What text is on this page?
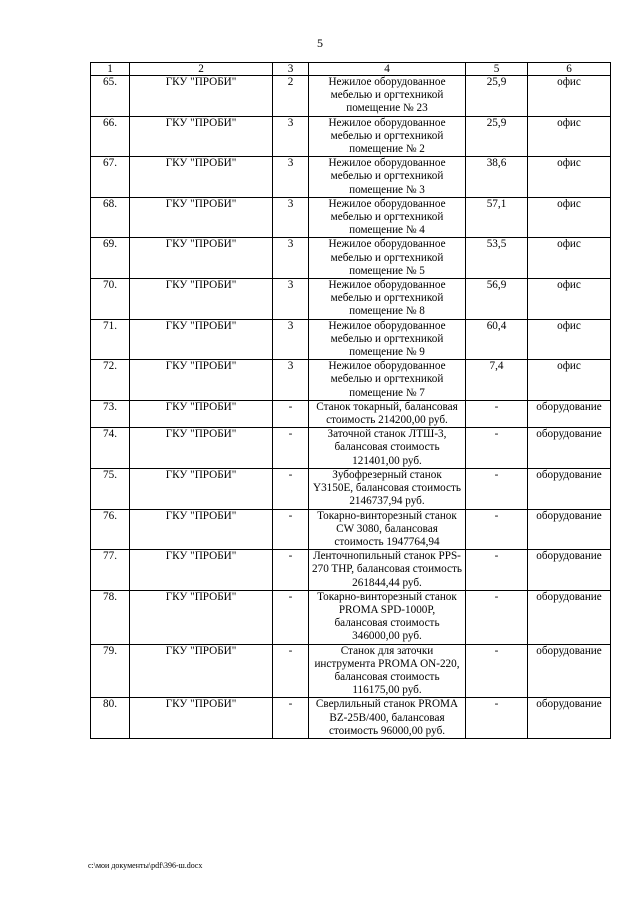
5
1	2	3	4	5	6
65.	ГКУ "ПРОБИ"	2	Нежилое оборудованное мебелью и оргтехникой помещение № 23	25,9	офис
66.	ГКУ "ПРОБИ"	3	Нежилое оборудованное мебелью и оргтехникой помещение № 2	25,9	офис
67.	ГКУ "ПРОБИ"	3	Нежилое оборудованное мебелью и оргтехникой помещение № 3	38,6	офис
68.	ГКУ "ПРОБИ"	3	Нежилое оборудованное мебелью и оргтехникой помещение № 4	57,1	офис
69.	ГКУ "ПРОБИ"	3	Нежилое оборудованное мебелью и оргтехникой помещение № 5	53,5	офис
70.	ГКУ "ПРОБИ"	3	Нежилое оборудованное мебелью и оргтехникой помещение № 8	56,9	офис
71.	ГКУ "ПРОБИ"	3	Нежилое оборудованное мебелью и оргтехникой помещение № 9	60,4	офис
72.	ГКУ "ПРОБИ"	3	Нежилое оборудованное мебелью и оргтехникой помещение № 7	7,4	офис
73.	ГКУ "ПРОБИ"	-	Станок токарный, балансовая стоимость 214200,00 руб.	-	оборудование
74.	ГКУ "ПРОБИ"	-	Заточной станок ЛТШ-3, балансовая стоимость 121401,00 руб.	-	оборудование
75.	ГКУ "ПРОБИ"	-	Зубофрезерный станок Y3150E, балансовая стоимость 2146737,94 руб.	-	оборудование
76.	ГКУ "ПРОБИ"	-	Токарно-винторезный станок CW 3080, балансовая стоимость 1947764,94	-	оборудование
77.	ГКУ "ПРОБИ"	-	Ленточнопильный станок PPS-270 THP, балансовая стоимость 261844,44 руб.	-	оборудование
78.	ГКУ "ПРОБИ"	-	Токарно-винторезный станок PROMA SPD-1000P, балансовая стоимость 346000,00 руб.	-	оборудование
79.	ГКУ "ПРОБИ"	-	Станок для заточки инструмента PROMA ON-220, балансовая стоимость 116175,00 руб.	-	оборудование
80.	ГКУ "ПРОБИ"	-	Сверлильный станок PROMA BZ-25B/400, балансовая стоимость 96000,00 руб.	-	оборудование
c:\мои документы\pdf\396-ш.docx
